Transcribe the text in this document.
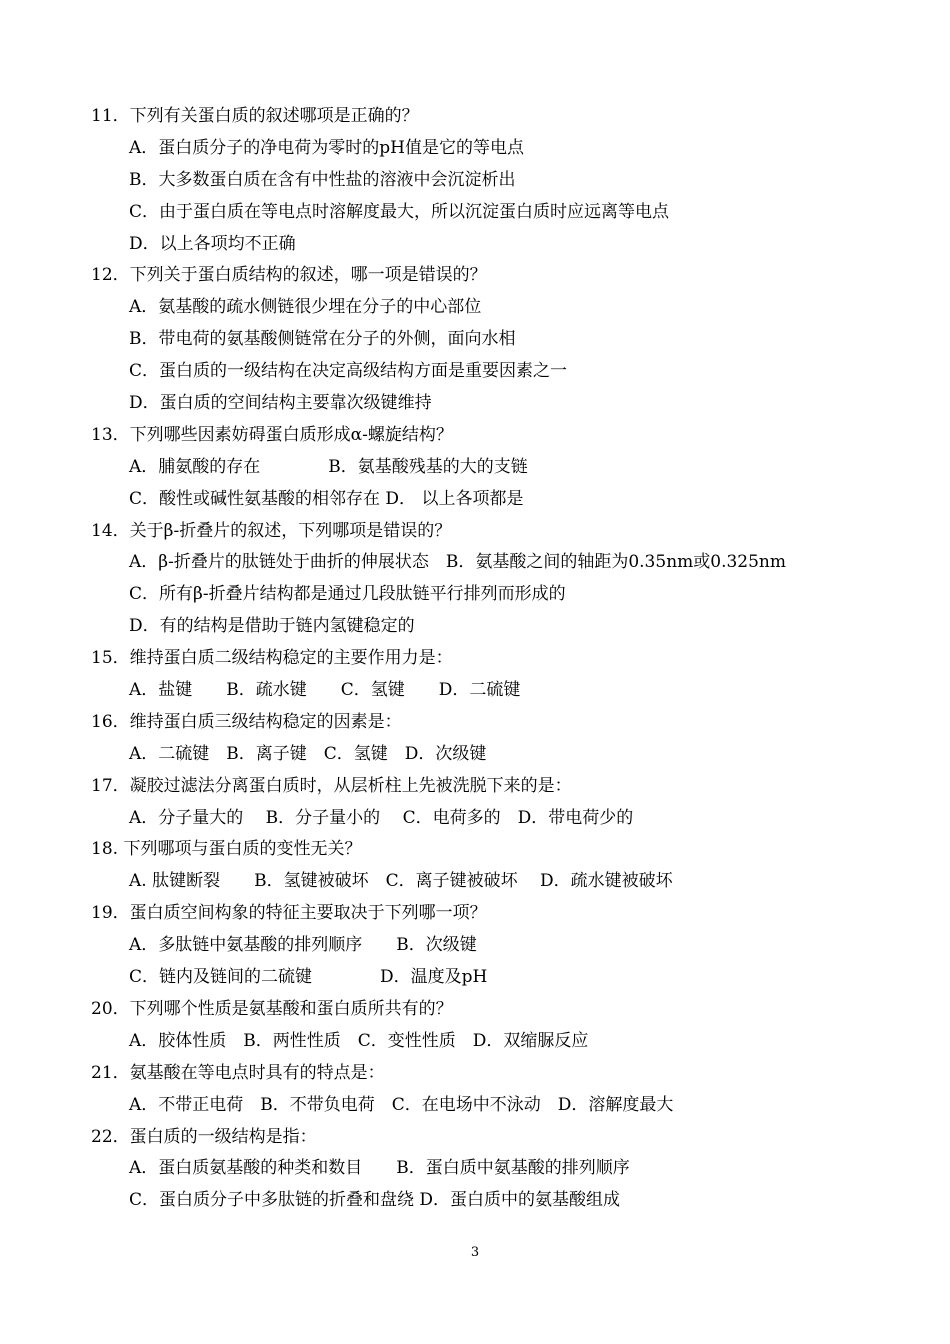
11．下列有关蛋白质的叙述哪项是正确的？
A．蛋白质分子的净电荷为零时的pH值是它的等电点
B．大多数蛋白质在含有中性盐的溶液中会沉淀析出
C．由于蛋白质在等电点时溶解度最大，所以沉淀蛋白质时应远离等电点
D．以上各项均不正确
12．下列关于蛋白质结构的叙述，哪一项是错误的？
A．氨基酸的疏水侧链很少埋在分子的中心部位
B．带电荷的氨基酸侧链常在分子的外侧，面向水相
C．蛋白质的一级结构在决定高级结构方面是重要因素之一
D．蛋白质的空间结构主要靠次级键维持
13．下列哪些因素妨碍蛋白质形成α-螺旋结构？
A．脯氨酸的存在　　　　B．氨基酸残基的大的支链
C．酸性或碱性氨基酸的相邻存在 D． 以上各项都是
14．关于β-折叠片的叙述，下列哪项是错误的？
A．β-折叠片的肽链处于曲折的伸展状态　B．氨基酸之间的轴距为0.35nm或0.325nm
C．所有β-折叠片结构都是通过几段肽链平行排列而形成的
D．有的结构是借助于链内氢键稳定的
15．维持蛋白质二级结构稳定的主要作用力是：
A．盐键　　B．疏水键　　C．氢键　　D．二硫键
16．维持蛋白质三级结构稳定的因素是：
A．二硫键　B．离子键　C．氢键　D．次级键
17．凝胶过滤法分离蛋白质时，从层析柱上先被洗脱下来的是：
A．分子量大的　 B．分子量小的　 C．电荷多的　D．带电荷少的
18. 下列哪项与蛋白质的变性无关？
A. 肽键断裂　　B．氢键被破坏　C．离子键被破坏　 D．疏水键被破坏
19．蛋白质空间构象的特征主要取决于下列哪一项？
A．多肽链中氨基酸的排列顺序　　B．次级键
C．链内及链间的二硫键　　　　D．温度及pH
20．下列哪个性质是氨基酸和蛋白质所共有的？
A．胶体性质　B．两性性质　C．变性性质　D．双缩脲反应
21．氨基酸在等电点时具有的特点是：
A．不带正电荷　B．不带负电荷　C．在电场中不泳动　D．溶解度最大
22．蛋白质的一级结构是指：
A．蛋白质氨基酸的种类和数目　　B．蛋白质中氨基酸的排列顺序
C．蛋白质分子中多肽链的折叠和盘绕 D．蛋白质中的氨基酸组成
3
